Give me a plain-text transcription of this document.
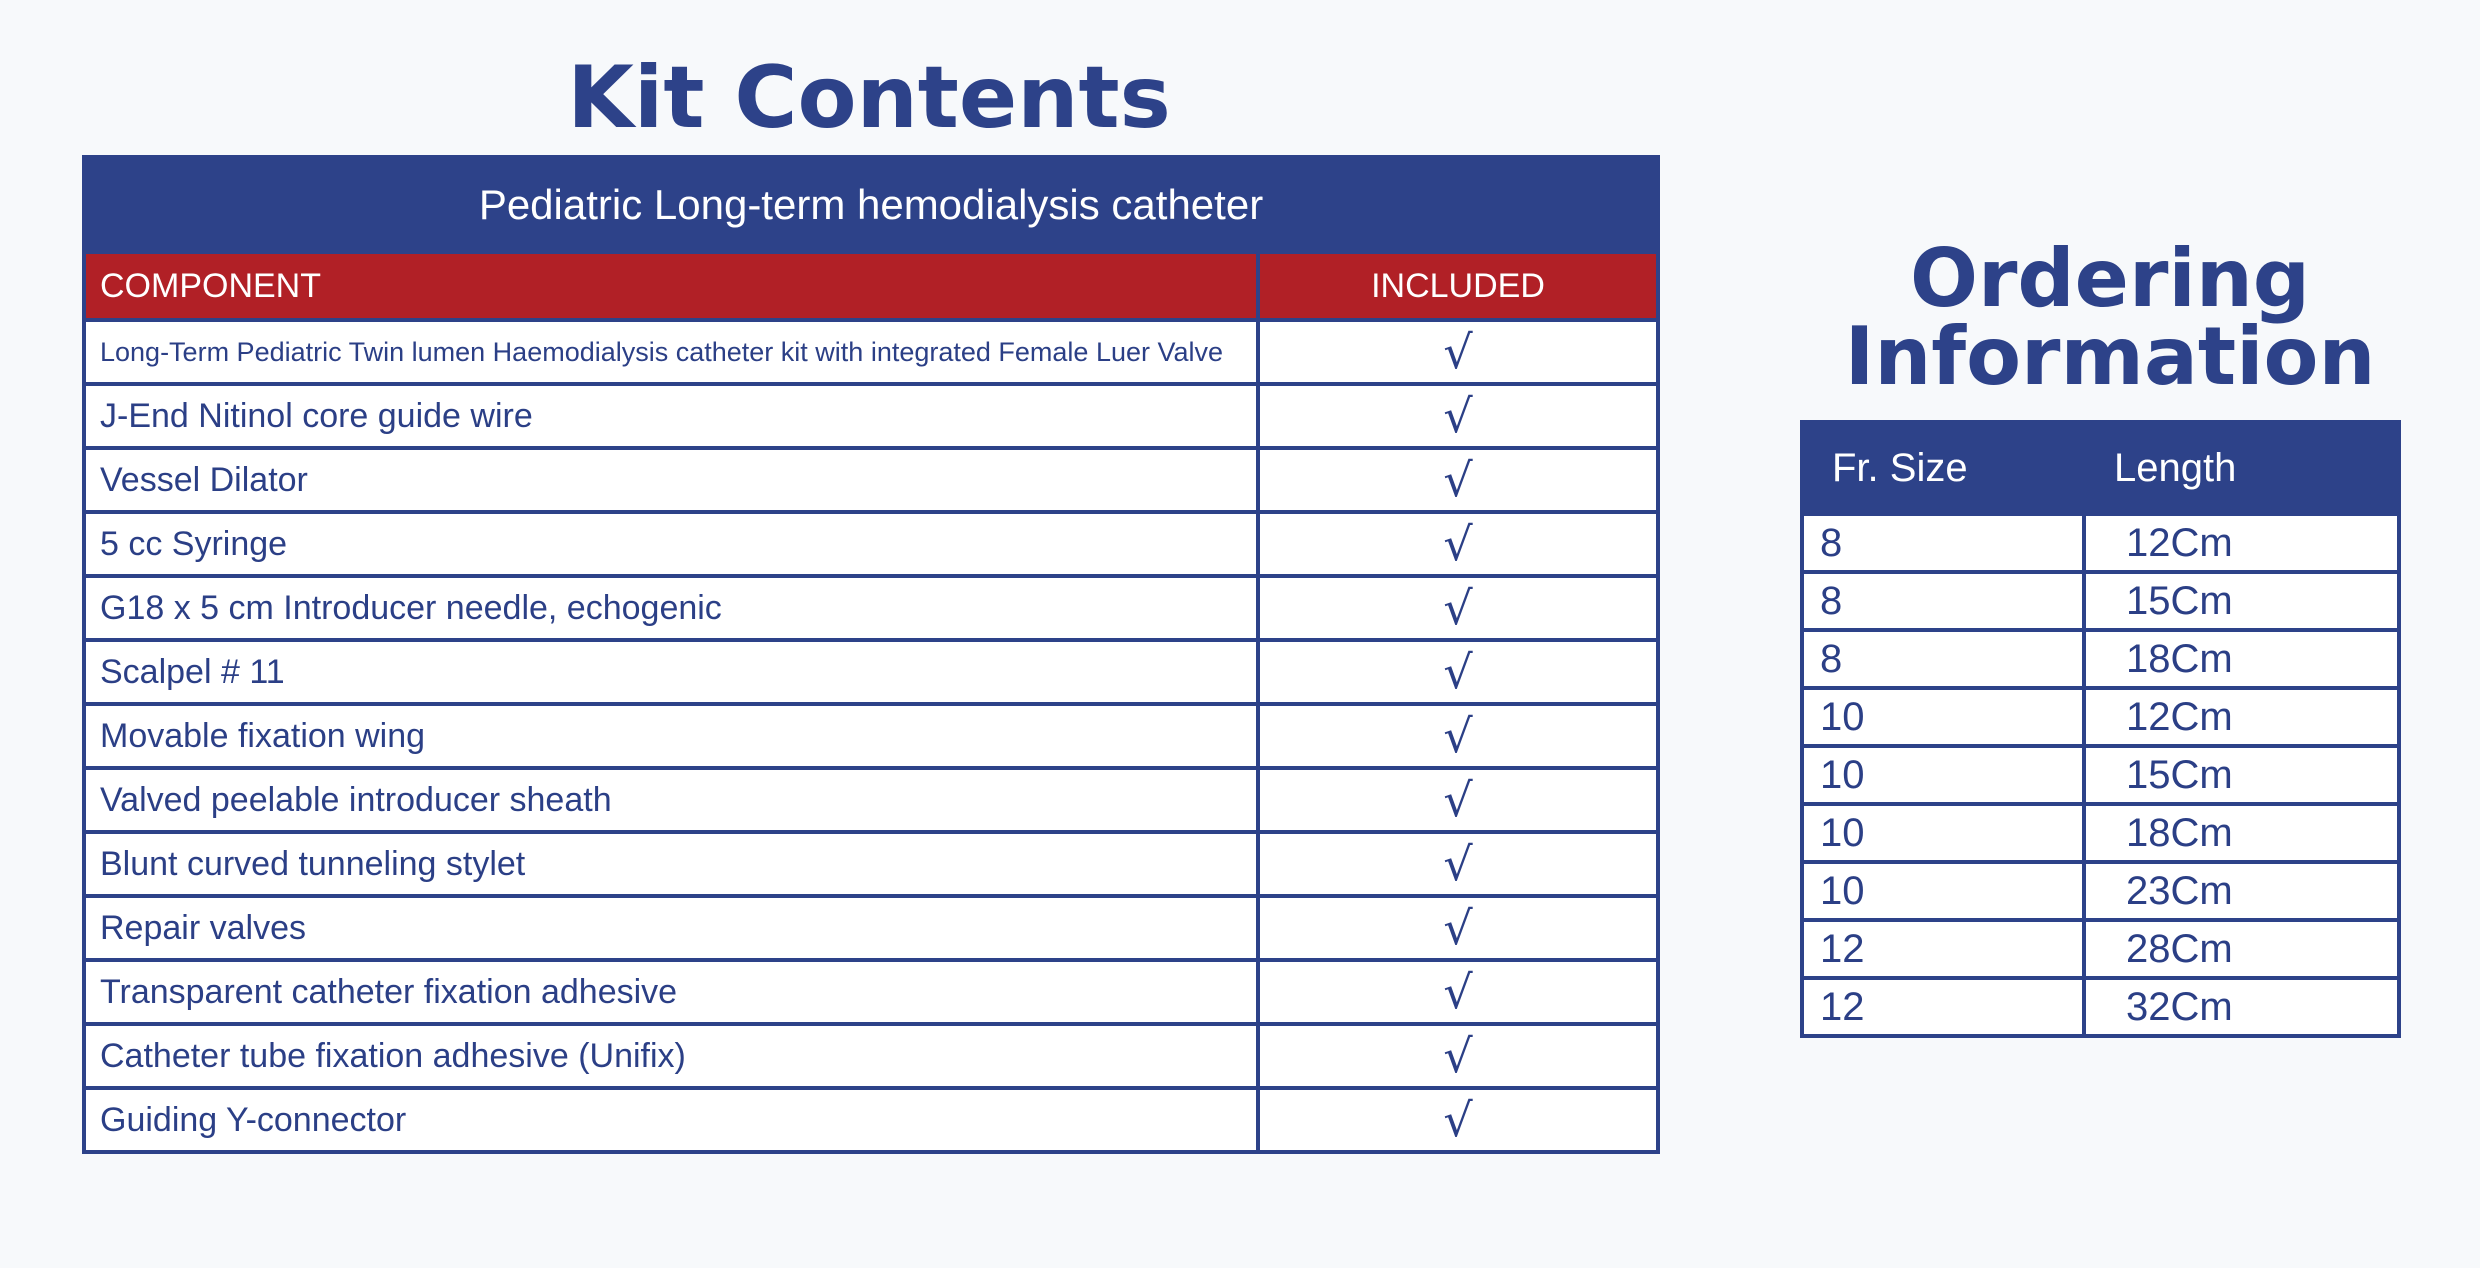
Kit Contents
Pediatric Long-term hemodialysis catheter	
COMPONENT	INCLUDED
Long-Term Pediatric Twin lumen Haemodialysis catheter kit with integrated Female Luer Valve	√
J-End Nitinol core guide wire	√
Vessel Dilator	√
5 cc Syringe	√
G18 x 5 cm Introducer needle, echogenic	√
Scalpel # 11	√
Movable fixation wing	√
Valved peelable introducer sheath	√
Blunt curved tunneling stylet	√
Repair valves	√
Transparent catheter fixation adhesive	√
Catheter tube fixation adhesive (Unifix)	√
Guiding Y-connector	√
Ordering
Information
Fr. Size	Length
8	12Cm
8	15Cm
8	18Cm
10	12Cm
10	15Cm
10	18Cm
10	23Cm
12	28Cm
12	32Cm
